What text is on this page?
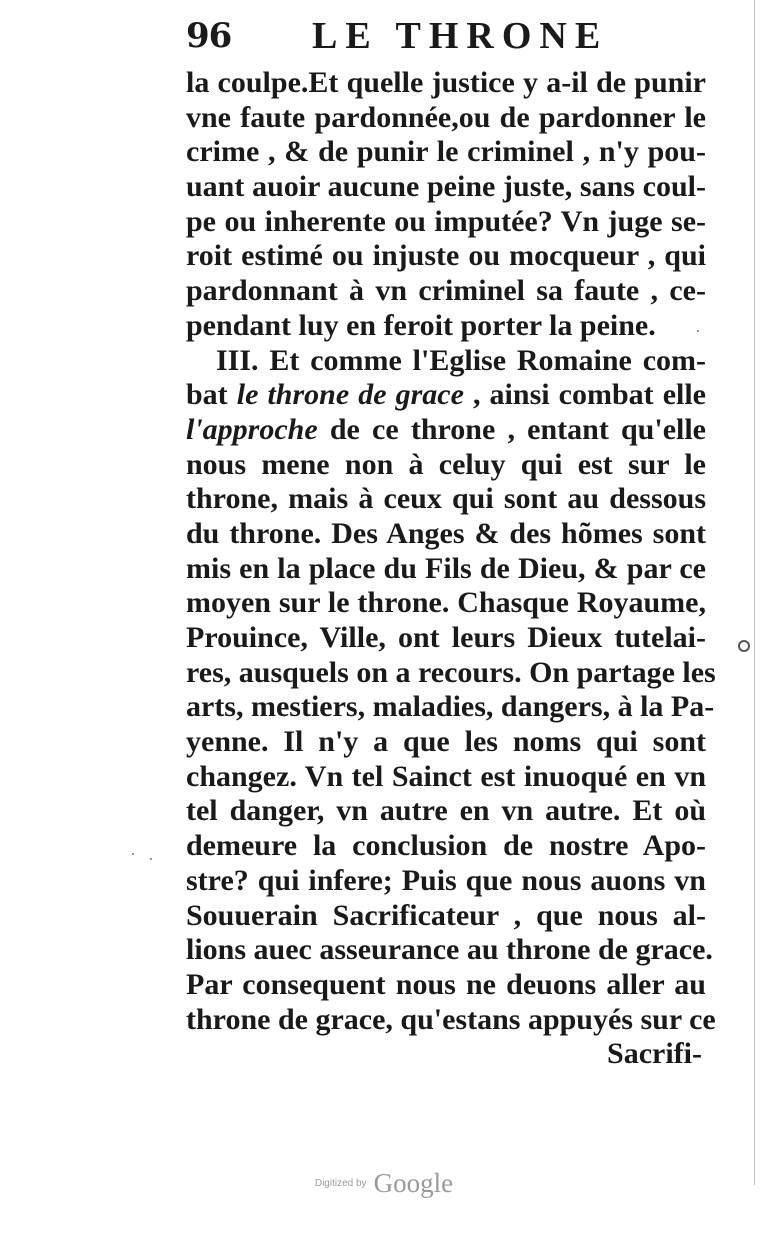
96 LE THRONE
la coulpe.Et quelle justice y a-il de punir
vne faute pardonnée,ou de pardonner le
crime , & de punir le criminel , n'y pou-
uant auoir aucune peine juste, sans coul-
pe ou inherente ou imputée? Vn juge se-
roit estimé ou injuste ou mocqueur , qui
pardonnant à vn criminel sa faute , ce-
pendant luy en feroit porter la peine.
III. Et comme l'Eglise Romaine com-
bat le throne de grace , ainsi combat elle
l'approche de ce throne , entant qu'elle
nous mene non à celuy qui est sur le
throne, mais à ceux qui sont au dessous
du throne. Des Anges & des hõmes sont
mis en la place du Fils de Dieu, & par ce
moyen sur le throne. Chasque Royaume,
Prouince, Ville, ont leurs Dieux tutelai-
res, ausquels on a recours. On partage les
arts, mestiers, maladies, dangers, à la Pa-
yenne. Il n'y a que les noms qui sont
changez. Vn tel Sainct est inuoqué en vn
tel danger, vn autre en vn autre. Et où
demeure la conclusion de nostre Apo-
stre? qui infere; Puis que nous auons vn
Souuerain Sacrificateur , que nous al-
lions auec asseurance au throne de grace.
Par consequent nous ne deuons aller au
throne de grace, qu'estans appuyés sur ce
Sacrifi-
Digitized by Google
